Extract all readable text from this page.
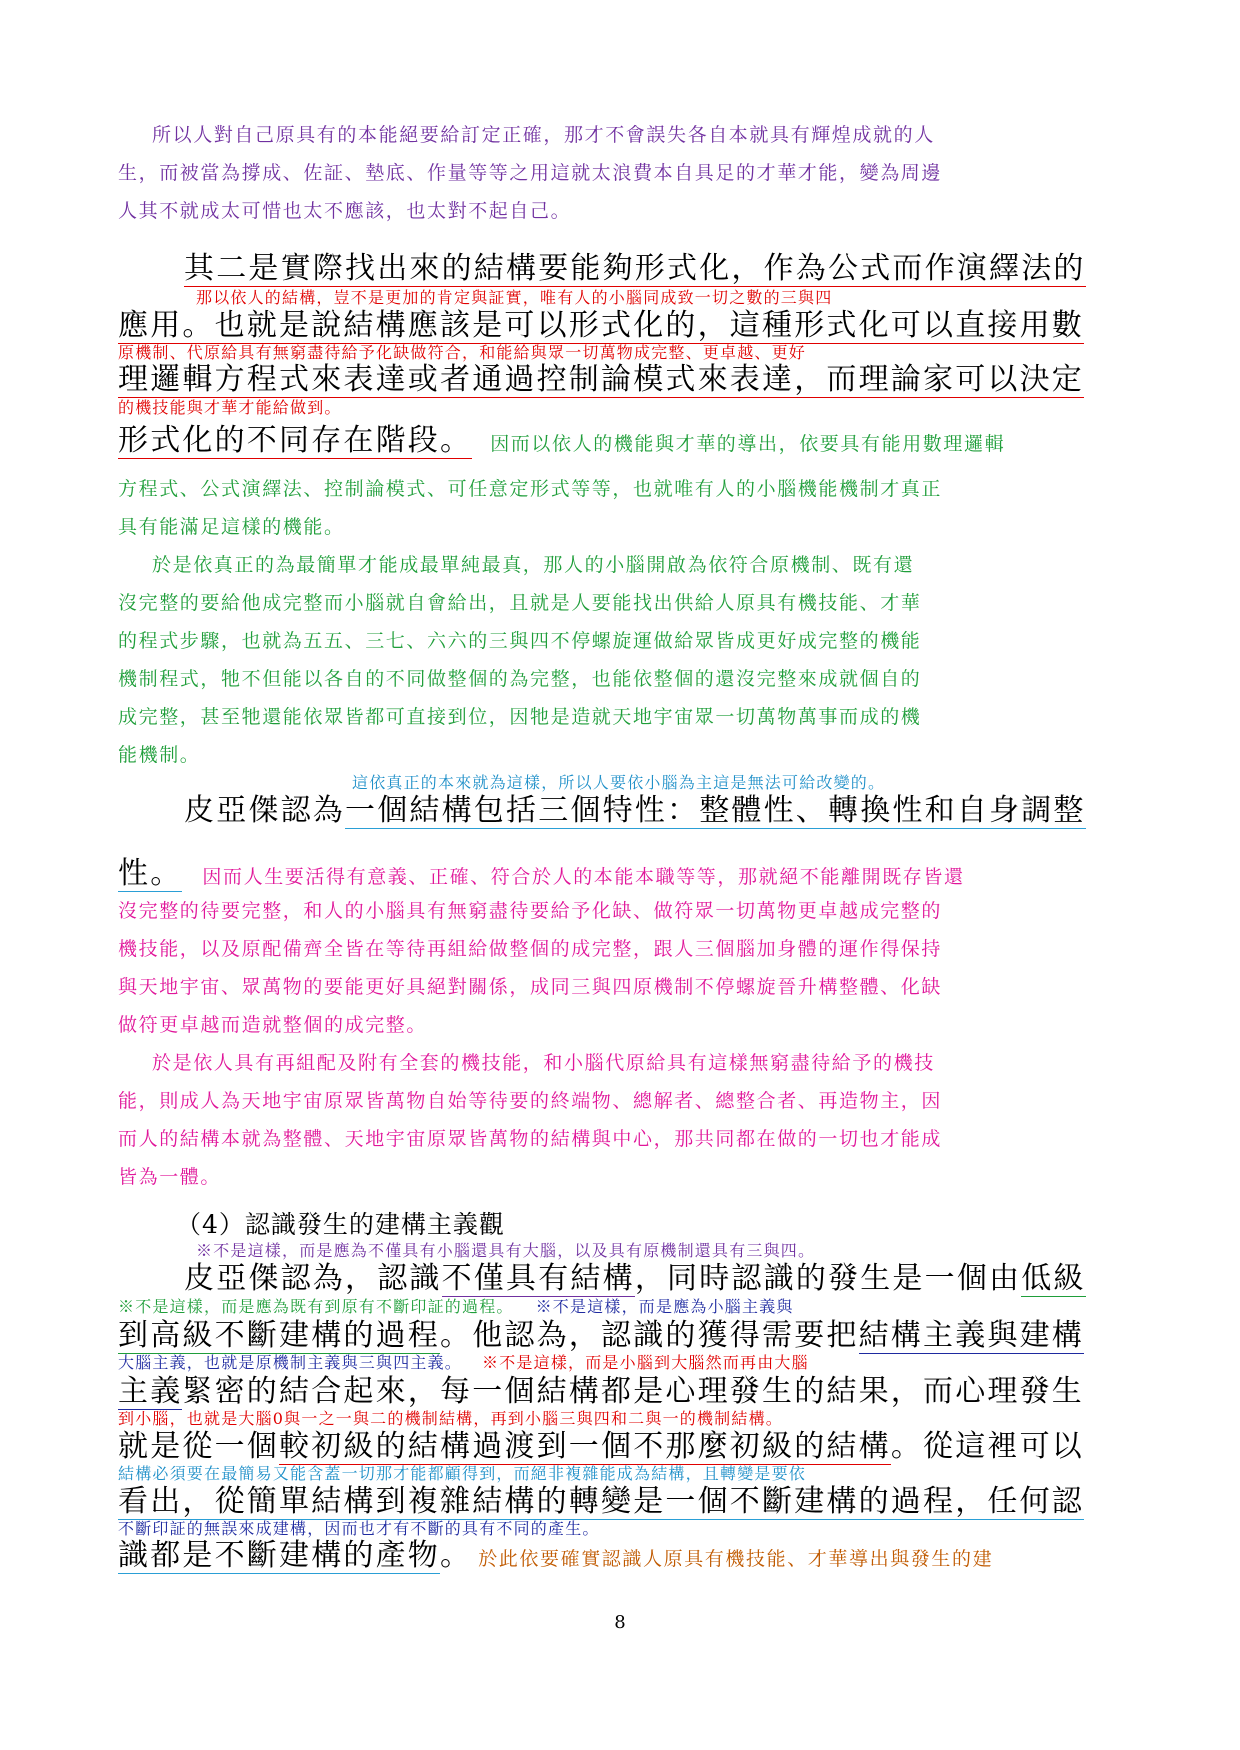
所以人對自己原具有的本能絕要給訂定正確，那才不會誤失各自本就具有輝煌成就的人
生，而被當為撐成、佐証、墊底、作量等等之用這就太浪費本自具足的才華才能，變為周邊
人其不就成太可惜也太不應該，也太對不起自己。
其二是實際找出來的結構要能夠形式化，作為公式而作演繹法的
那以依人的結構，豈不是更加的肯定與証實，唯有人的小腦同成致一切之數的三與四
應用。也就是說結構應該是可以形式化的，這種形式化可以直接用數
原機制、代原給具有無窮盡待給予化缺做符合，和能給與眾一切萬物成完整、更卓越、更好
理邏輯方程式來表達或者通過控制論模式來表達，而理論家可以決定
的機技能與才華才能給做到。
形式化的不同存在階段。 因而以依人的機能與才華的導出，依要具有能用數理邏輯
方程式、公式演繹法、控制論模式、可任意定形式等等，也就唯有人的小腦機能機制才真正
具有能滿足這樣的機能。
於是依真正的為最簡單才能成最單純最真，那人的小腦開啟為依符合原機制、既有還
沒完整的要給他成完整而小腦就自會給出，且就是人要能找出供給人原具有機技能、才華
的程式步驟，也就為五五、三七、六六的三與四不停螺旋運做給眾皆成更好成完整的機能
機制程式，牠不但能以各自的不同做整個的為完整，也能依整個的還沒完整來成就個自的
成完整，甚至牠還能依眾皆都可直接到位，因牠是造就天地宇宙眾一切萬物萬事而成的機
能機制。
這依真正的本來就為這樣，所以人要依小腦為主這是無法可給改變的。
皮亞傑認為一個結構包括三個特性：整體性、轉換性和自身調整
性。 因而人生要活得有意義、正確、符合於人的本能本職等等，那就絕不能離開既存皆還
沒完整的待要完整，和人的小腦具有無窮盡待要給予化缺、做符眾一切萬物更卓越成完整的
機技能，以及原配備齊全皆在等待再組給做整個的成完整，跟人三個腦加身體的運作得保持
與天地宇宙、眾萬物的要能更好具絕對關係，成同三與四原機制不停螺旋晉升構整體、化缺
做符更卓越而造就整個的成完整。
於是依人具有再組配及附有全套的機技能，和小腦代原給具有這樣無窮盡待給予的機技
能，則成人為天地宇宙原眾皆萬物自始等待要的終端物、總解者、總整合者、再造物主，因
而人的結構本就為整體、天地宇宙原眾皆萬物的結構與中心，那共同都在做的一切也才能成
皆為一體。
（4）認識發生的建構主義觀
※不是這樣，而是應為不僅具有小腦還具有大腦，以及具有原機制還具有三與四。
皮亞傑認為，認識不僅具有結構，同時認識的發生是一個由低級
※不是這樣，而是應為既有到原有不斷印証的過程。 ※不是這樣，而是應為小腦主義與
到高級不斷建構的過程。他認為，認識的獲得需要把結構主義與建構
大腦主義，也就是原機制主義與三與四主義。 ※不是這樣，而是小腦到大腦然而再由大腦
主義緊密的結合起來，每一個結構都是心理發生的結果，而心理發生
到小腦，也就是大腦0與一之一與二的機制結構，再到小腦三與四和二與一的機制結構。
就是從一個較初級的結構過渡到一個不那麼初級的結構。從這裡可以
結構必須要在最簡易又能含蓋一切那才能都顧得到，而絕非複雜能成為結構，且轉變是要依
看出，從簡單結構到複雜結構的轉變是一個不斷建構的過程，任何認
不斷印証的無誤來成建構，因而也才有不斷的具有不同的產生。
識都是不斷建構的產物。 於此依要確實認識人原具有機技能、才華導出與發生的建
8
